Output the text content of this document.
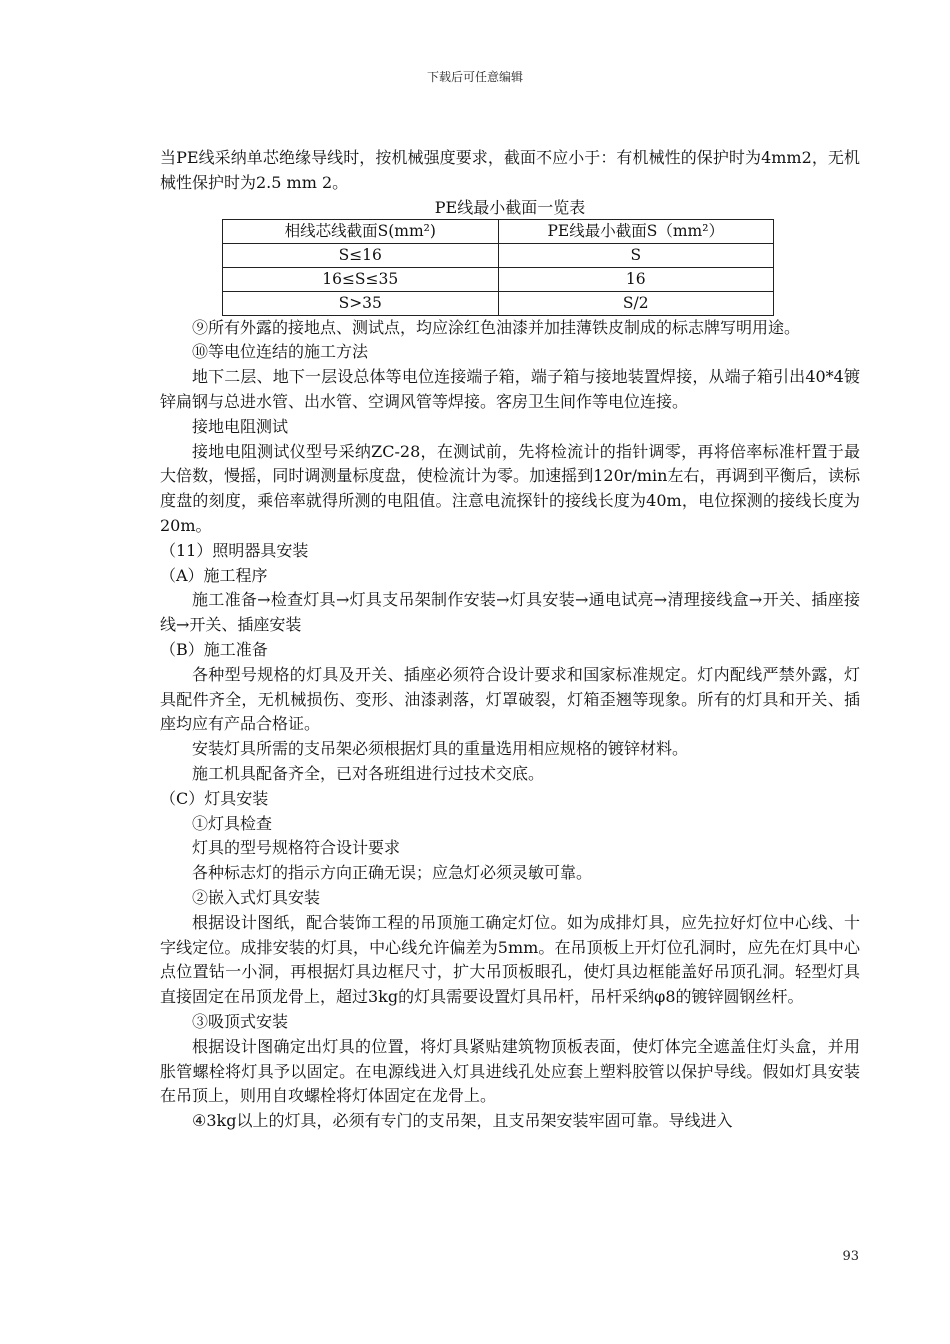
下载后可任意编辑

当PE线采纳单芯绝缘导线时，按机械强度要求，截面不应小于：有机械性的保护时为4mm2，无机械性保护时为2.5 mm 2。

PE线最小截面一览表

相线芯线截面S(mm²)	PE线最小截面S（mm²）
S≤16	S
16≤S≤35	16
S>35	S/2

⑨所有外露的接地点、测试点，均应涂红色油漆并加挂薄铁皮制成的标志牌写明用途。

⑩等电位连结的施工方法

地下二层、地下一层设总体等电位连接端子箱，端子箱与接地装置焊接，从端子箱引出40*4镀锌扁钢与总进水管、出水管、空调风管等焊接。客房卫生间作等电位连接。

接地电阻测试

接地电阻测试仪型号采纳ZC-28，在测试前，先将检流计的指针调零，再将倍率标准杆置于最大倍数，慢摇，同时调测量标度盘，使检流计为零。加速摇到120r/min左右，再调到平衡后，读标度盘的刻度，乘倍率就得所测的电阻值。注意电流探针的接线长度为40m，电位探测的接线长度为20m。

（11）照明器具安装

（A）施工程序

施工准备→检查灯具→灯具支吊架制作安装→灯具安装→通电试亮→清理接线盒→开关、插座接线→开关、插座安装

（B）施工准备

各种型号规格的灯具及开关、插座必须符合设计要求和国家标准规定。灯内配线严禁外露，灯具配件齐全，无机械损伤、变形、油漆剥落，灯罩破裂，灯箱歪翘等现象。所有的灯具和开关、插座均应有产品合格证。

安装灯具所需的支吊架必须根据灯具的重量选用相应规格的镀锌材料。

施工机具配备齐全，已对各班组进行过技术交底。

（C）灯具安装

①灯具检查

灯具的型号规格符合设计要求

各种标志灯的指示方向正确无误；应急灯必须灵敏可靠。

②嵌入式灯具安装

根据设计图纸，配合装饰工程的吊顶施工确定灯位。如为成排灯具，应先拉好灯位中心线、十字线定位。成排安装的灯具，中心线允许偏差为5mm。在吊顶板上开灯位孔洞时，应先在灯具中心点位置钻一小洞，再根据灯具边框尺寸，扩大吊顶板眼孔，使灯具边框能盖好吊顶孔洞。轻型灯具直接固定在吊顶龙骨上，超过3kg的灯具需要设置灯具吊杆，吊杆采纳φ8的镀锌圆钢丝杆。

③吸顶式安装

根据设计图确定出灯具的位置，将灯具紧贴建筑物顶板表面，使灯体完全遮盖住灯头盒，并用胀管螺栓将灯具予以固定。在电源线进入灯具进线孔处应套上塑料胶管以保护导线。假如灯具安装在吊顶上，则用自攻螺栓将灯体固定在龙骨上。

④3kg以上的灯具，必须有专门的支吊架，且支吊架安装牢固可靠。导线进入

93
